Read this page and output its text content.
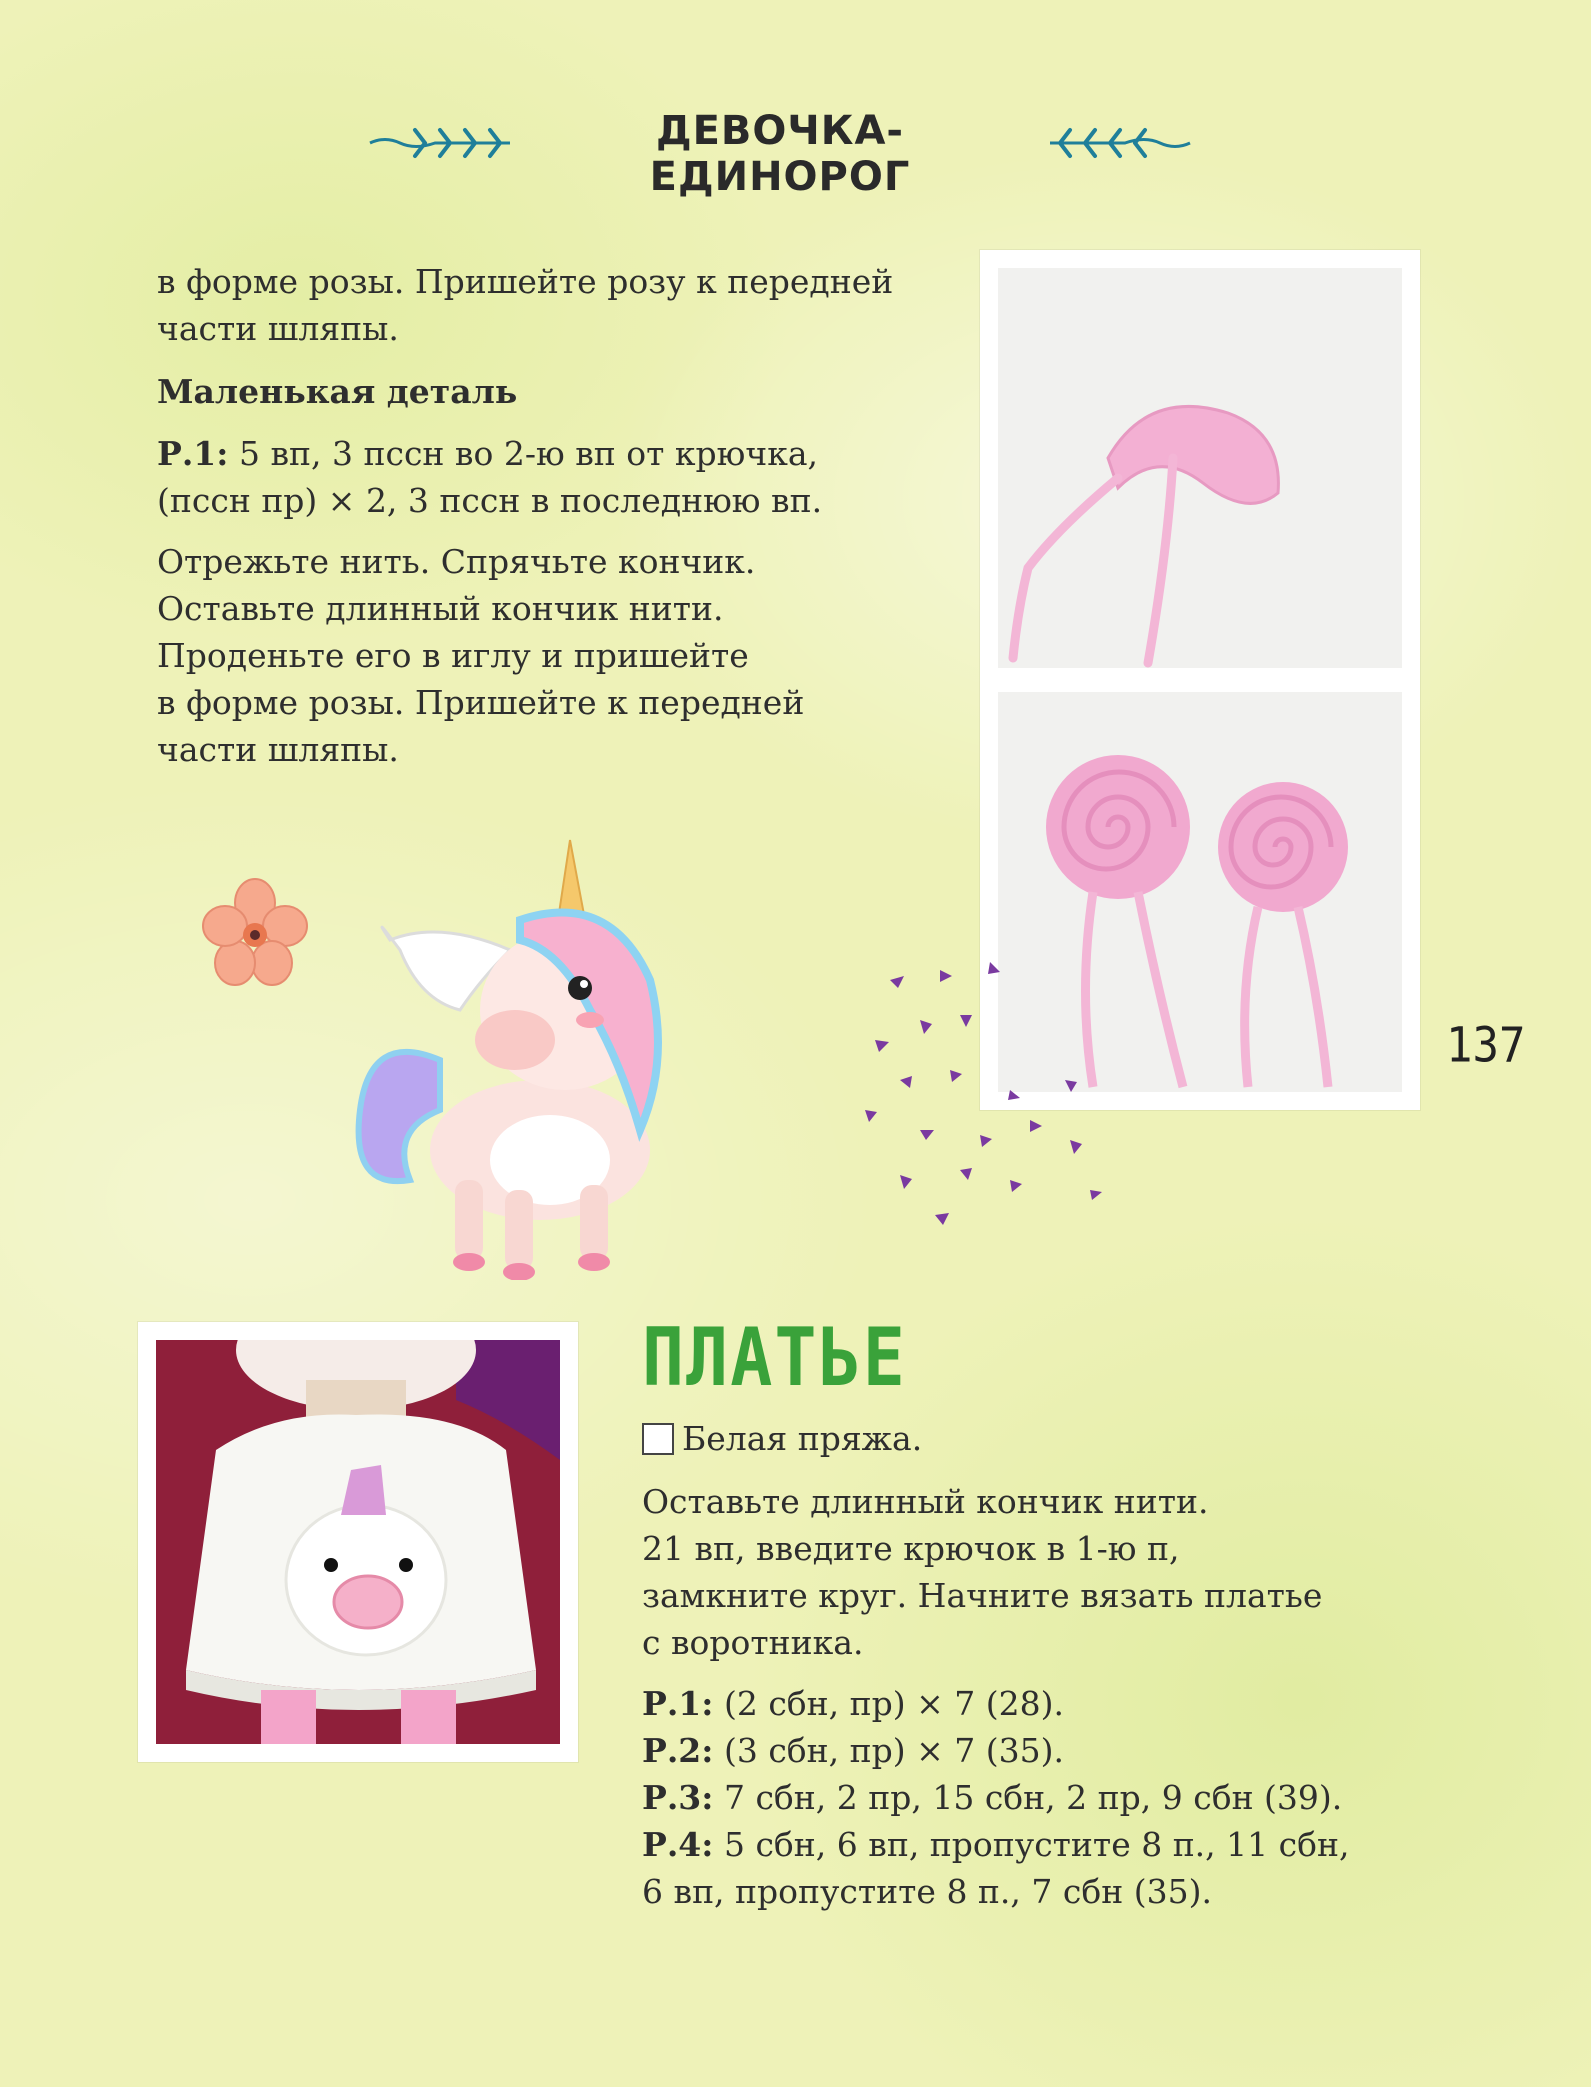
ДЕВОЧКА-ЕДИНОРОГ

в форме розы. Пришейте розу к передней

части шляпы.

Маленькая деталь

Р.1: 5 вп, 3 пссн во 2-ю вп от крючка,

(пссн пр) × 2, 3 пссн в последнюю вп.

Отрежьте нить. Спрячьте кончик.

Оставьте длинный кончик нити.

Проденьте его в иглу и пришейте

в форме розы. Пришейте к передней

части шляпы.

137
ПЛАТЬЕ
Белая пряжа.

Оставьте длинный кончик нити.

21 вп, введите крючок в 1-ю п,

замкните круг. Начните вязать платье

с воротника.

Р.1: (2 сбн, пр) × 7 (28).

Р.2: (3 сбн, пр) × 7 (35).

Р.3: 7 сбн, 2 пр, 15 сбн, 2 пр, 9 сбн (39).

Р.4: 5 сбн, 6 вп, пропустите 8 п., 11 сбн,

6 вп, пропустите 8 п., 7 сбн (35).
